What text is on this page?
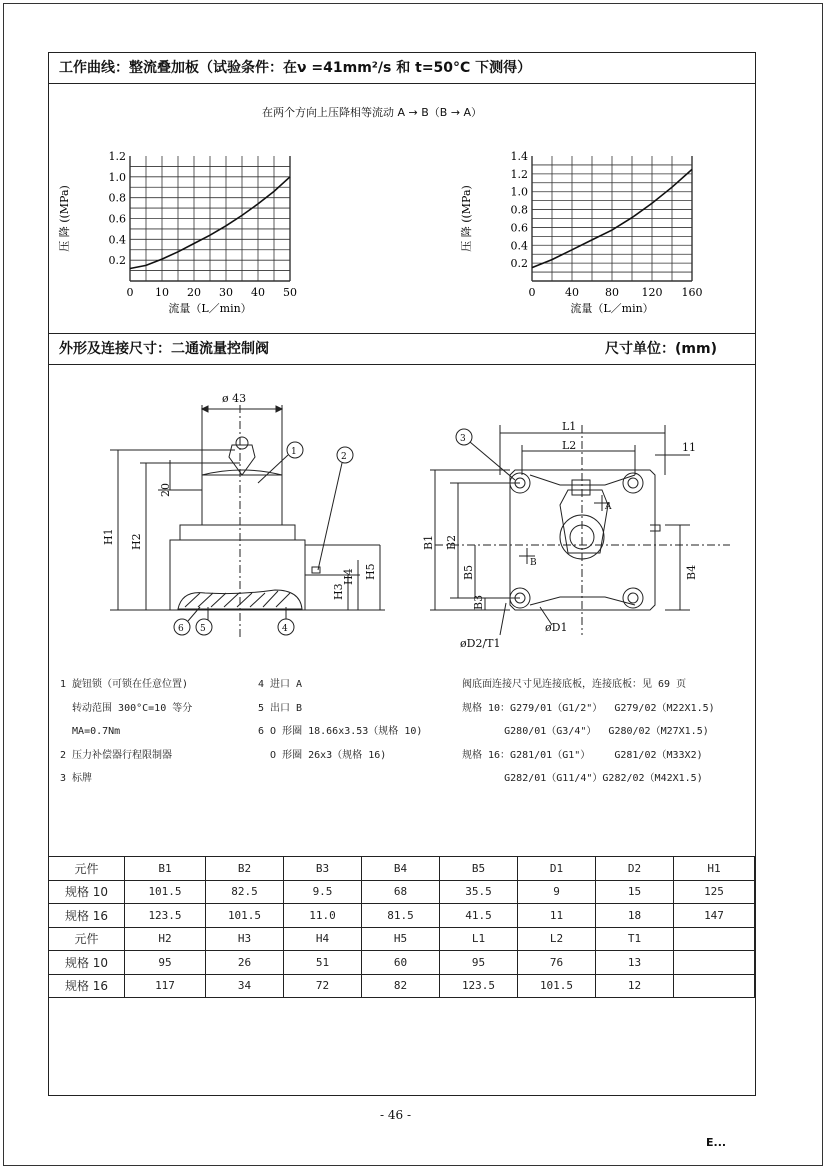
工作曲线：整流叠加板（试验条件：在ν =41mm²/s 和 t=50°C 下测得）
外形及连接尺寸：二通流量控制阀	尺寸单位：(mm)
在两个方向上压降相等流动 A → B（B → A）
0 10 20 30 40 50
0.2
0.4
0.6
0.8
1.0
1.2
压 降 ((MPa)
流量（L／min）
0	40 80 120 160
0.2
0.4
0.6
0.8
1.0
1.2
1.4
压 降 ((MPa)
流量（L／min）
ø 43
20
H1 H2
H3
H4 H5
1	2
6 5	4
3
L1
L2	11
B1 B2
B5
B3
B4
A
B
øD1
øD2/T1
1 旋钮锁（可锁在任意位置)
转动范围 300°C=10 等分
MA=0.7Nm
2 压力补偿器行程限制器
3 标牌
4 进口 A
5 出口 B
6 O 形圈 18.66x3.53（规格 10)
O 形圈 26x3（规格 16)
阀底面连接尺寸见连接底板，连接底板：见 69 页
规格 10：G279/01（G1/2"）  G279/02（M22X1.5)
G280/01（G3/4"）  G280/02（M27X1.5)
规格 16：G281/01（G1"）    G281/02（M33X2)
G282/01（G11/4"）G282/02（M42X1.5)
元件	B1	B2	B3	B4	B5	D1	D2	H1
规格 10	101.5	82.5	9.5	68	35.5	9	15	125
规格 16	123.5	101.5	11.0	81.5	41.5	11	18	147
元件	H2	H3	H4	H5	L1	L2	T1	
规格 10	95	26	51	60	95	76	13	
规格 16	117	34	72	82	123.5	101.5	12	
- 46 -
E...
